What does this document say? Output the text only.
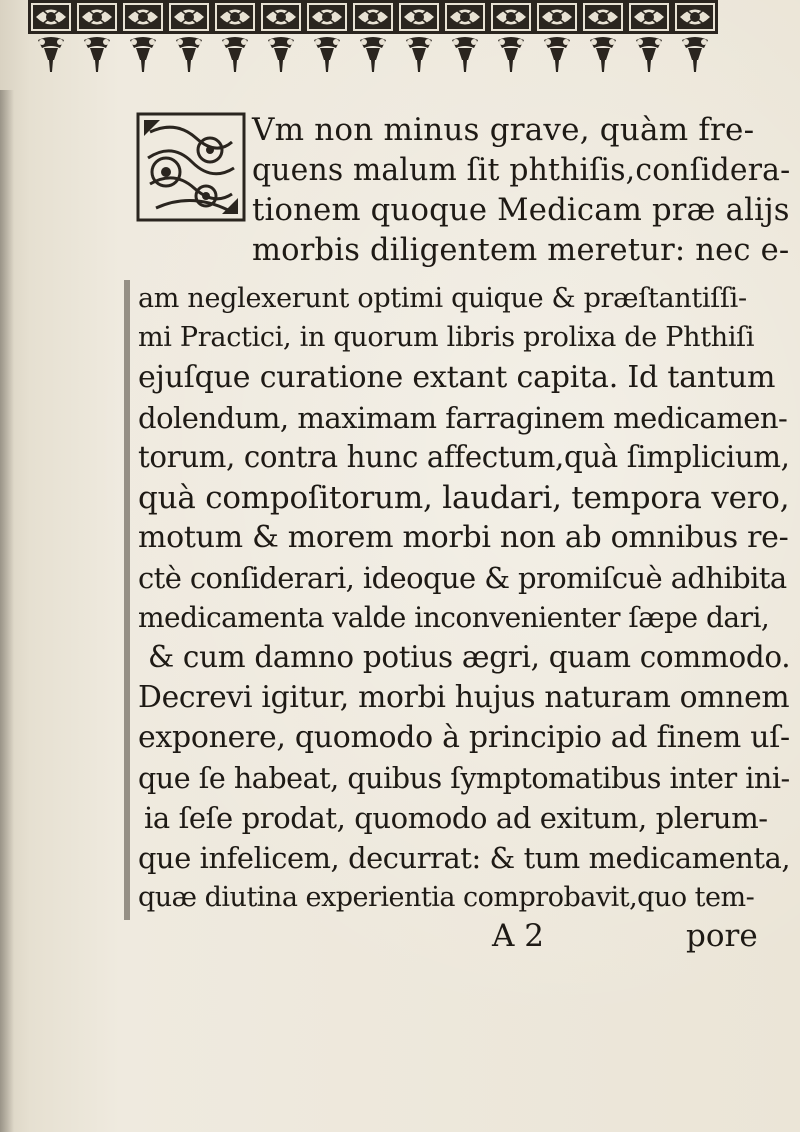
Vm non minus grave, quàm fre-
quens malum ſit phthiſis,conſidera-
tionem quoque Medicam præ alijs
morbis diligentem meretur: nec e-
am neglexerunt optimi quique & præſtantiſſi-
mi Practici, in quorum libris prolixa de Phthiſi
ejuſque curatione extant capita. Id tantum
dolendum, maximam farraginem medicamen-
torum, contra hunc affectum,quà ſimplicium,
quà compoſitorum, laudari, tempora vero,
motum & morem morbi non ab omnibus re-
ctè conſiderari, ideoque & promiſcuè adhibita
medicamenta valde inconvenienter ſæpe dari,
& cum damno potius ægri, quam commodo.
Decrevi igitur, morbi hujus naturam omnem
exponere, quomodo à principio ad finem uſ-
que ſe habeat, quibus ſymptomatibus inter ini-
ia ſeſe prodat, quomodo ad exitum, plerum-
que infelicem, decurrat: & tum medicamenta,
quæ diutina experientia comprobavit,quo tem-
A 2	pore
